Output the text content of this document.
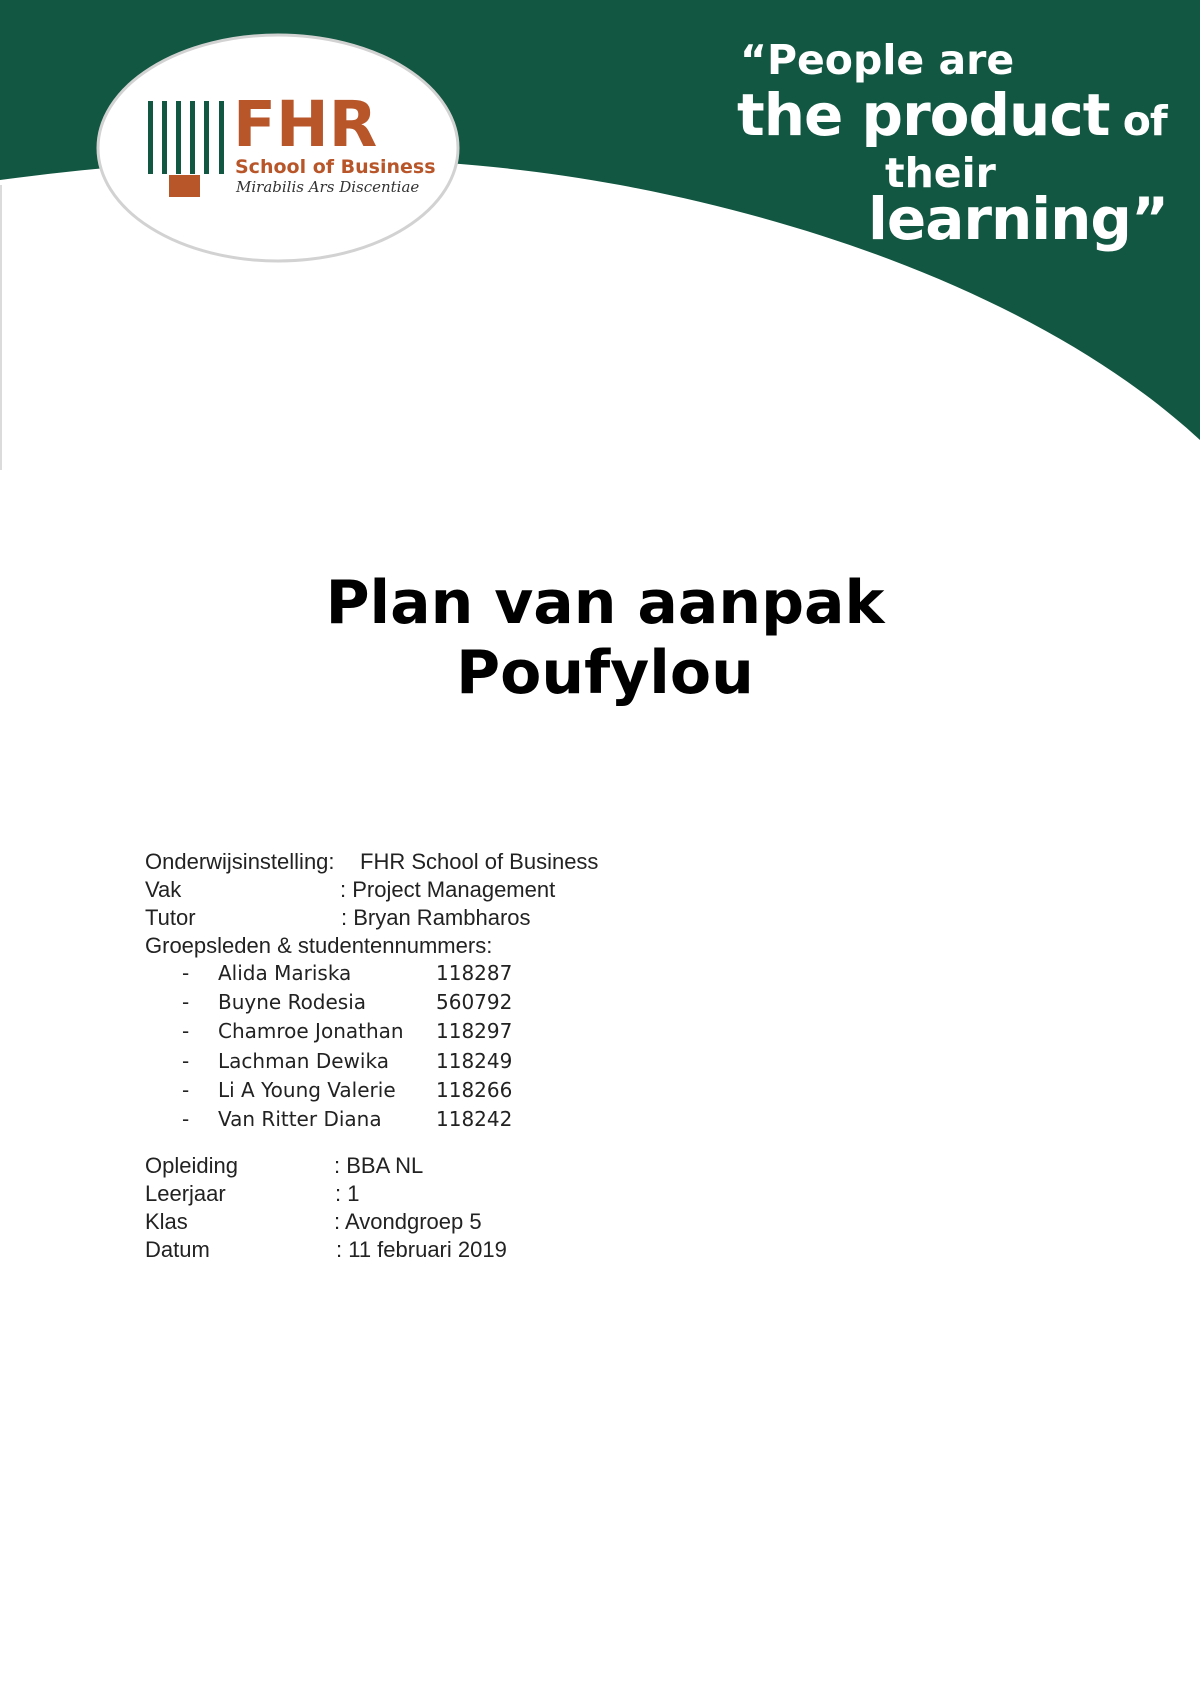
FHR
School of Business
Mirabilis Ars Discentiae
“People are
the product of
their
learning”
Plan van aanpak
Poufylou
Onderwijsinstelling: FHR School of Business
Vak	: Project Management
Tutor	: Bryan Rambharos
Groepsleden & studentennummers:
- Alida Mariska	118287
- Buyne Rodesia	560792
- Chamroe Jonathan 118297
- Lachman Dewika 118249
- Li A Young Valerie 118266
- Van Ritter Diana	118242
Opleiding	: BBA NL
Leerjaar	: 1
Klas	: Avondgroep 5
Datum	: 11 februari 2019
